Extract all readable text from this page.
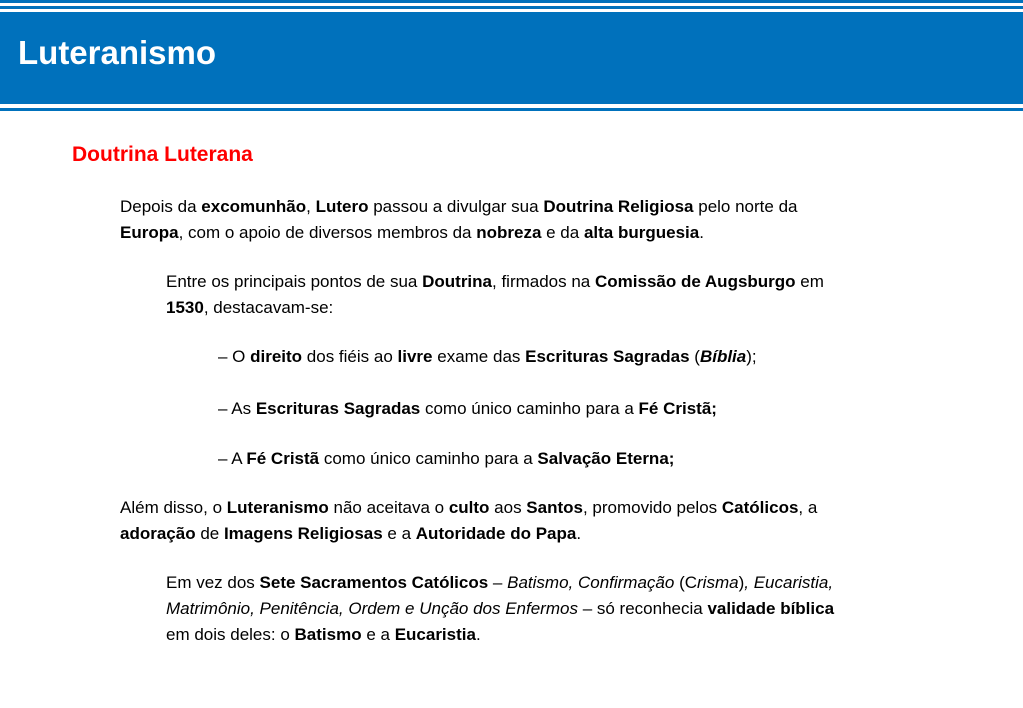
Luteranismo
Doutrina Luterana
Depois da excomunhão, Lutero passou a divulgar sua Doutrina Religiosa pelo norte da
Europa, com o apoio de diversos membros da nobreza e da alta burguesia.
Entre os principais pontos de sua Doutrina, firmados na Comissão de Augsburgo em
1530, destacavam-se:
– O direito dos fiéis ao livre exame das Escrituras Sagradas (Bíblia);
– As Escrituras Sagradas como único caminho para a Fé Cristã;
– A Fé Cristã como único caminho para a Salvação Eterna;
Além disso, o Luteranismo não aceitava o culto aos Santos, promovido pelos Católicos, a
adoração de Imagens Religiosas e a Autoridade do Papa.
Em vez dos Sete Sacramentos Católicos – Batismo, Confirmação (Crisma), Eucaristia,
Matrimônio, Penitência, Ordem e Unção dos Enfermos – só reconhecia validade bíblica
em dois deles: o Batismo e a Eucaristia.
